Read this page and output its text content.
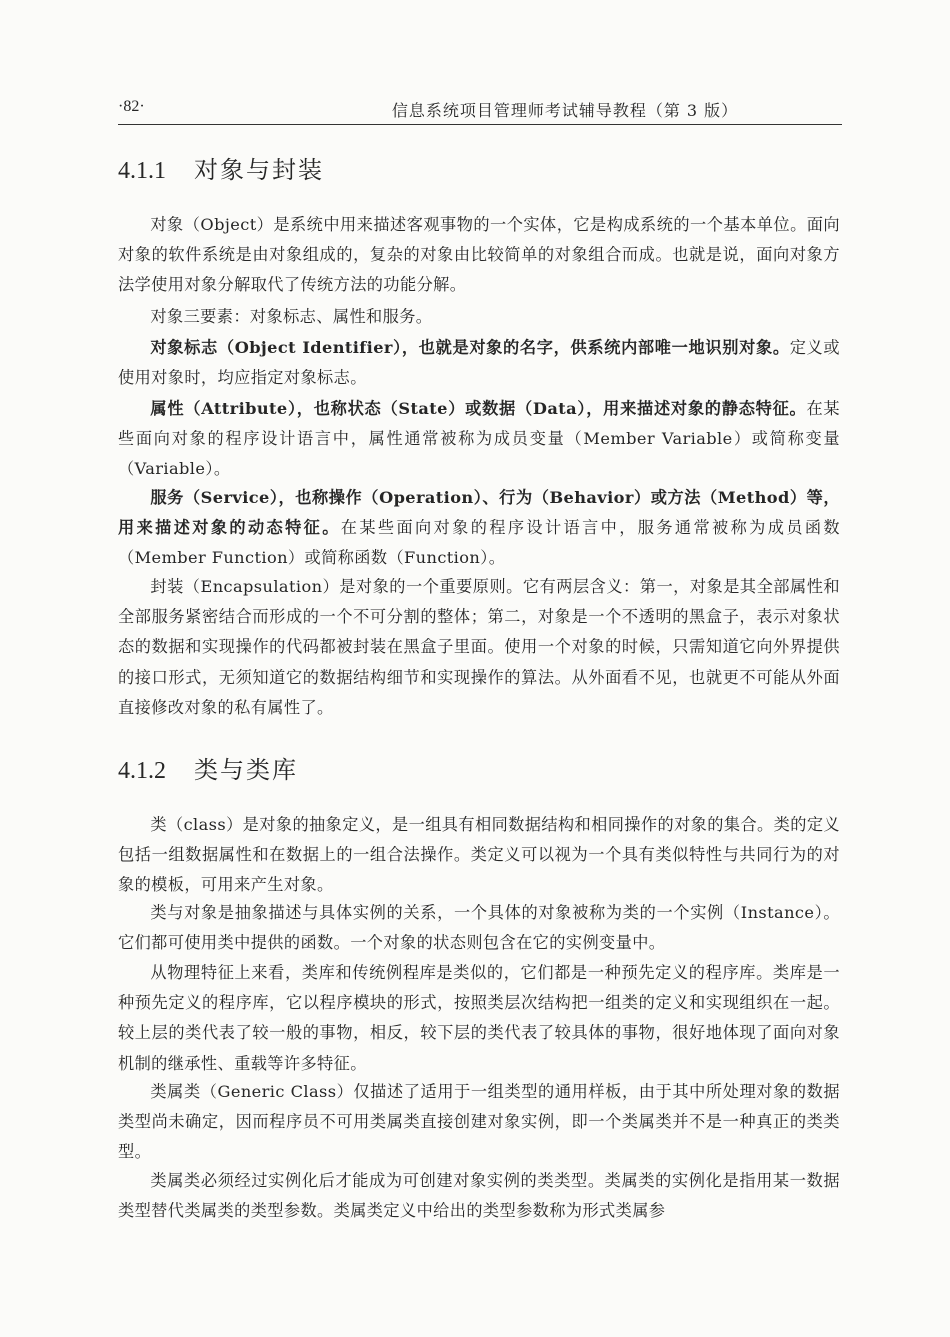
·82·	信息系统项目管理师考试辅导教程（第 3 版）
4.1.1 对象与封装

对象（Object）是系统中用来描述客观事物的一个实体，它是构成系统的一个基本单位。面向对象的软件系统是由对象组成的，复杂的对象由比较简单的对象组合而成。也就是说，面向对象方法学使用对象分解取代了传统方法的功能分解。

对象三要素：对象标志、属性和服务。

对象标志（Object Identifier），也就是对象的名字，供系统内部唯一地识别对象。定义或使用对象时，均应指定对象标志。

属性（Attribute），也称状态（State）或数据（Data），用来描述对象的静态特征。在某些面向对象的程序设计语言中，属性通常被称为成员变量（Member Variable）或简称变量（Variable）。

服务（Service），也称操作（Operation）、行为（Behavior）或方法（Method）等，用来描述对象的动态特征。在某些面向对象的程序设计语言中，服务通常被称为成员函数（Member Function）或简称函数（Function）。

封装（Encapsulation）是对象的一个重要原则。它有两层含义：第一，对象是其全部属性和全部服务紧密结合而形成的一个不可分割的整体；第二，对象是一个不透明的黑盒子，表示对象状态的数据和实现操作的代码都被封装在黑盒子里面。使用一个对象的时候，只需知道它向外界提供的接口形式，无须知道它的数据结构细节和实现操作的算法。从外面看不见，也就更不可能从外面直接修改对象的私有属性了。

4.1.2 类与类库

类（class）是对象的抽象定义，是一组具有相同数据结构和相同操作的对象的集合。类的定义包括一组数据属性和在数据上的一组合法操作。类定义可以视为一个具有类似特性与共同行为的对象的模板，可用来产生对象。

类与对象是抽象描述与具体实例的关系，一个具体的对象被称为类的一个实例（Instance）。它们都可使用类中提供的函数。一个对象的状态则包含在它的实例变量中。

从物理特征上来看，类库和传统例程库是类似的，它们都是一种预先定义的程序库。类库是一种预先定义的程序库，它以程序模块的形式，按照类层次结构把一组类的定义和实现组织在一起。较上层的类代表了较一般的事物，相反，较下层的类代表了较具体的事物，很好地体现了面向对象机制的继承性、重载等许多特征。

类属类（Generic Class）仅描述了适用于一组类型的通用样板，由于其中所处理对象的数据类型尚未确定，因而程序员不可用类属类直接创建对象实例，即一个类属类并不是一种真正的类类型。

类属类必须经过实例化后才能成为可创建对象实例的类类型。类属类的实例化是指用某一数据类型替代类属类的类型参数。类属类定义中给出的类型参数称为形式类属参
